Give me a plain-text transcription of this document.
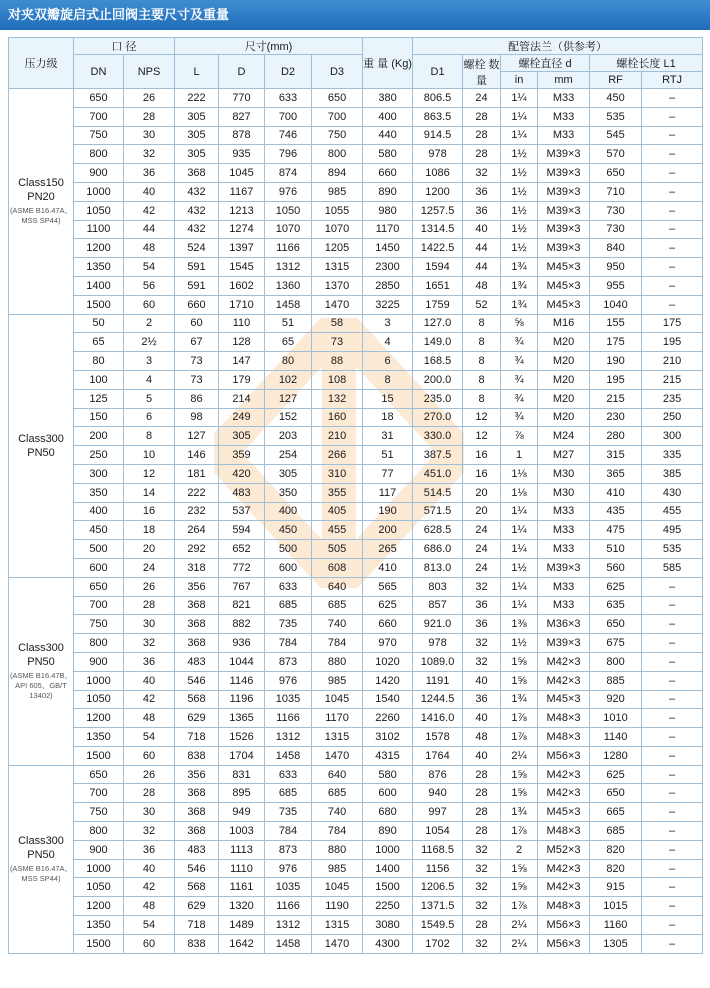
对夹双瓣旋启式止回阀主要尺寸及重量
压力级	口 径		尺寸(mm)				重 量 (Kg)	配管法兰（供参考）					
	DN	NPS	L	D	D2	D3		D1	螺栓 数量	螺栓直径 d		螺栓长度 L1	
										in	mm	RF	RTJ

Class150
PN20
(ASME B16.47A、MSS SP44)	650	26	222	770	633	650	380	806.5	24	1¼	M33	450	–
	700	28	305	827	700	700	400	863.5	28	1¼	M33	535	–
	750	30	305	878	746	750	440	914.5	28	1¼	M33	545	–
	800	32	305	935	796	800	580	978	28	1½	M39×3	570	–
	900	36	368	1045	874	894	660	1086	32	1½	M39×3	650	–
	1000	40	432	1167	976	985	890	1200	36	1½	M39×3	710	–
	1050	42	432	1213	1050	1055	980	1257.5	36	1½	M39×3	730	–
	1100	44	432	1274	1070	1070	1170	1314.5	40	1½	M39×3	730	–
	1200	48	524	1397	1166	1205	1450	1422.5	44	1½	M39×3	840	–
	1350	54	591	1545	1312	1315	2300	1594	44	1¾	M45×3	950	–
	1400	56	591	1602	1360	1370	2850	1651	48	1¾	M45×3	955	–
	1500	60	660	1710	1458	1470	3225	1759	52	1¾	M45×3	1040	–

Class300
PN50	50	2	60	110	51	58	3	127.0	8	⅝	M16	155	175
	65	2½	67	128	65	73	4	149.0	8	¾	M20	175	195
	80	3	73	147	80	88	6	168.5	8	¾	M20	190	210
	100	4	73	179	102	108	8	200.0	8	¾	M20	195	215
	125	5	86	214	127	132	15	235.0	8	¾	M20	215	235
	150	6	98	249	152	160	18	270.0	12	¾	M20	230	250
	200	8	127	305	203	210	31	330.0	12	⅞	M24	280	300
	250	10	146	359	254	266	51	387.5	16	1	M27	315	335
	300	12	181	420	305	310	77	451.0	16	1⅛	M30	365	385
	350	14	222	483	350	355	117	514.5	20	1⅛	M30	410	430
	400	16	232	537	400	405	190	571.5	20	1¼	M33	435	455
	450	18	264	594	450	455	200	628.5	24	1¼	M33	475	495
	500	20	292	652	500	505	265	686.0	24	1¼	M33	510	535
	600	24	318	772	600	608	410	813.0	24	1½	M39×3	560	585

Class300
PN50
(ASME B16.47B、API 605、GB/T 13402)	650	26	356	767	633	640	565	803	32	1¼	M33	625	–
	700	28	368	821	685	685	625	857	36	1¼	M33	635	–
	750	30	368	882	735	740	660	921.0	36	1⅜	M36×3	650	–
	800	32	368	936	784	784	970	978	32	1½	M39×3	675	–
	900	36	483	1044	873	880	1020	1089.0	32	1⅝	M42×3	800	–
	1000	40	546	1146	976	985	1420	1191	40	1⅝	M42×3	885	–
	1050	42	568	1196	1035	1045	1540	1244.5	36	1¾	M45×3	920	–
	1200	48	629	1365	1166	1170	2260	1416.0	40	1⅞	M48×3	1010	–
	1350	54	718	1526	1312	1315	3102	1578	48	1⅞	M48×3	1140	–
	1500	60	838	1704	1458	1470	4315	1764	40	2¼	M56×3	1280	–

Class300
PN50
(ASME B16.47A、MSS SP44)	650	26	356	831	633	640	580	876	28	1⅝	M42×3	625	–
	700	28	368	895	685	685	600	940	28	1⅝	M42×3	650	–
	750	30	368	949	735	740	680	997	28	1¾	M45×3	665	–
	800	32	368	1003	784	784	890	1054	28	1⅞	M48×3	685	–
	900	36	483	1113	873	880	1000	1168.5	32	2	M52×3	820	–
	1000	40	546	1110	976	985	1400	1156	32	1⅝	M42×3	820	–
	1050	42	568	1161	1035	1045	1500	1206.5	32	1⅝	M42×3	915	–
	1200	48	629	1320	1166	1190	2250	1371.5	32	1⅞	M48×3	1015	–
	1350	54	718	1489	1312	1315	3080	1549.5	28	2¼	M56×3	1160	–
	1500	60	838	1642	1458	1470	4300	1702	32	2¼	M56×3	1305	–
